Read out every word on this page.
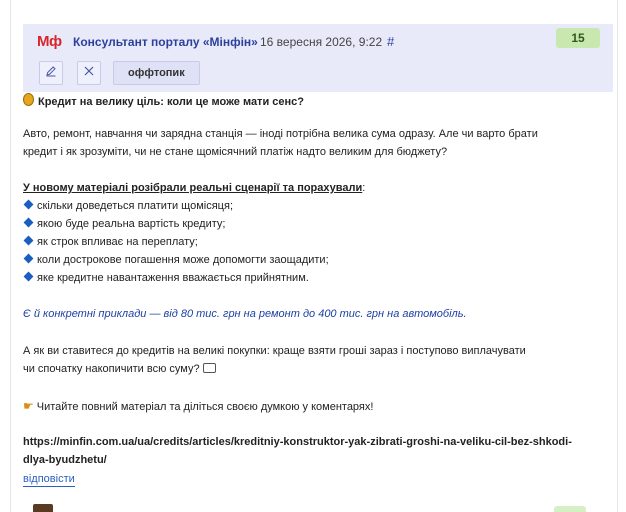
Мф Консультант порталу «Мінфін» 16 вересня 2026, 9:22 #	15
оффтопик
Кредит на велику ціль: коли це може мати сенс?
Авто, ремонт, навчання чи зарядна станція — іноді потрібна велика сума одразу. Але чи варто брати
кредит і як зрозуміти, чи не стане щомісячний платіж надто великим для бюджету?
У новому матеріалі розібрали реальні сценарії та порахували:
скільки доведеться платити щомісяця;
якою буде реальна вартість кредиту;
як строк впливає на переплату;
коли дострокове погашення може допомогти заощадити;
яке кредитне навантаження вважається прийнятним.
Є й конкретні приклади — від 80 тис. грн на ремонт до 400 тис. грн на автомобіль.
А як ви ставитеся до кредитів на великі покупки: краще взяти гроші зараз і поступово виплачувати
чи спочатку накопичити всю суму?
☛ Читайте повний матеріал та діліться своєю думкою у коментарях!
https://minfin.com.ua/ua/credits/articles/kreditniy-konstruktor-yak-zibrati-groshi-na-veliku-cil-bez-shkodi-
dlya-byudzhetu/
відповісти
